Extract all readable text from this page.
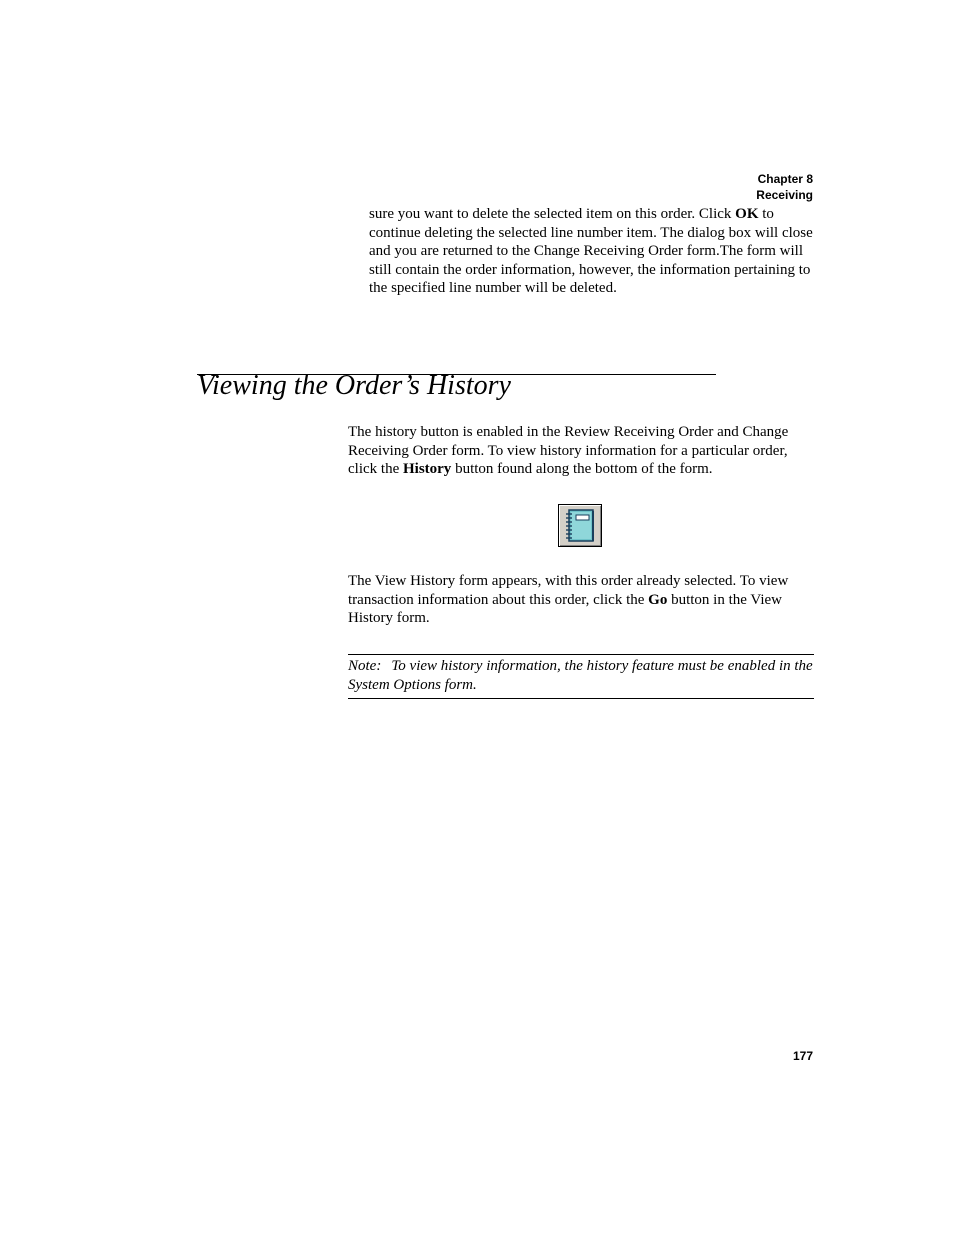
Chapter 8
Receiving

sure you want to delete the selected item on this order. Click OK to continue deleting the selected line number item. The dialog box will close and you are returned to the Change Receiving Order form.The form will still contain the order information, however, the information pertaining to the specified line number will be deleted.

Viewing the Order’s History

The history button is enabled in the Review Receiving Order and Change Receiving Order form. To view history information for a particular order, click the History button found along the bottom of the form.

The View History form appears, with this order already selected. To view transaction information about this order, click the Go button in the View History form.

Note: To view history information, the history feature must be enabled in the System Options form.
177
